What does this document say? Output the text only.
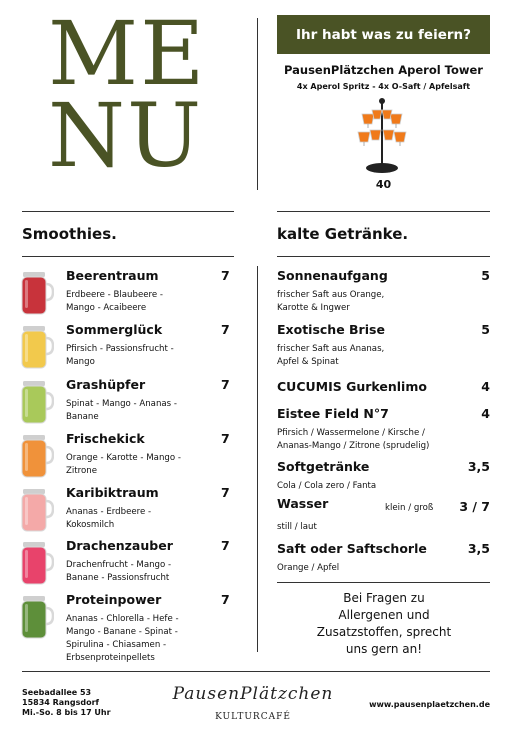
ME
NU
Ihr habt was zu feiern?
PausenPlätzchen Aperol Tower
4x Aperol Spritz - 4x O-Saft / Apfelsaft
40
Smoothies.	kalte Getränke.
Beerentraum	7
Erdbeere - Blaubeere -
Mango - Acaibeere
Sommerglück	7
Pfirsich - Passionsfrucht -
Mango
Grashüpfer	7
Spinat - Mango - Ananas -
Banane
Frischekick	7
Orange - Karotte - Mango -
Zitrone
Karibiktraum	7
Ananas - Erdbeere -
Kokosmilch
Drachenzauber	7
Drachenfrucht - Mango -
Banane - Passionsfrucht
Proteinpower	7
Ananas - Chlorella - Hefe -
Mango - Banane - Spinat -
Spirulina - Chiasamen -
Erbsenproteinpellets
Sonnenaufgang	5
frischer Saft aus Orange,
Karotte & Ingwer
Exotische Brise	5
frischer Saft aus Ananas,
Apfel & Spinat
CUCUMIS Gurkenlimo	4
Eistee Field N°7	4
Pfirsich / Wassermelone / Kirsche /
Ananas-Mango / Zitrone (sprudelig)
Softgetränke	3,5
Cola / Cola zero / Fanta
Wasser	3 / 7
still / laut
Saft oder Saftschorle	3,5
Orange / Apfel
klein / groß
Bei Fragen zu
Allergenen und
Zusatzstoffen, sprecht
uns gern an!
Seebadallee 53
15834 Rangsdorf
Mi.-So. 8 bis 17 Uhr
PausenPlätzchen
KULTURCAFÉ
www.pausenplaetzchen.de
